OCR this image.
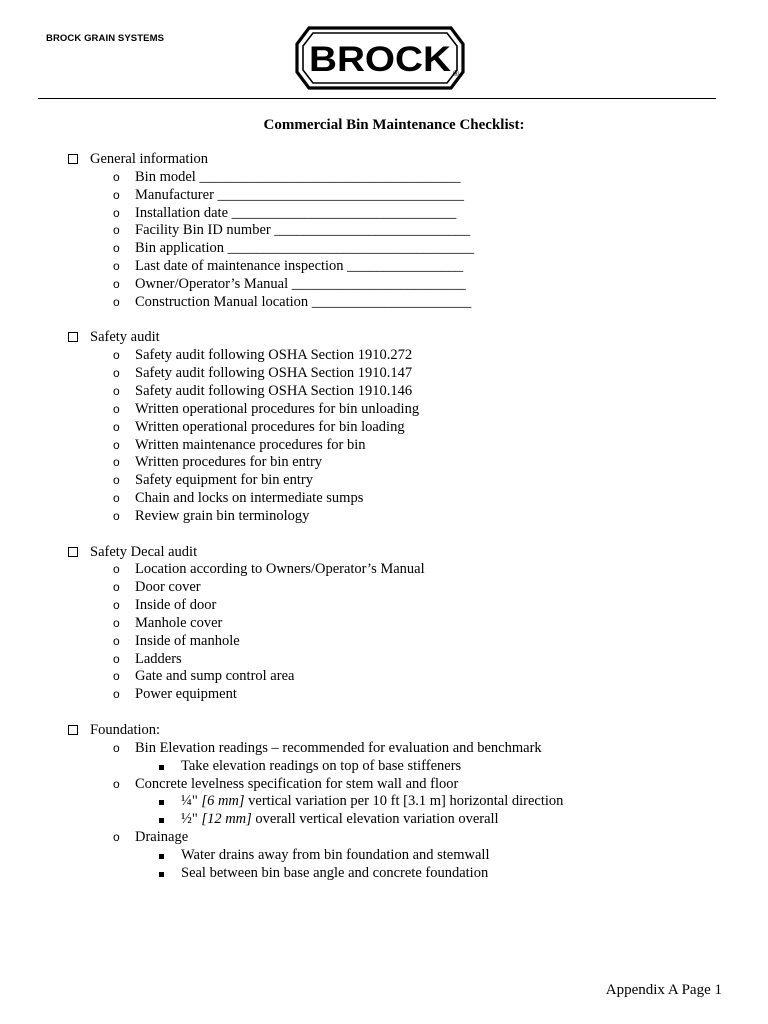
BROCK GRAIN SYSTEMS
BROCK ®
Commercial Bin Maintenance Checklist:
General information
o Bin model ____________________________________
o Manufacturer __________________________________
o Installation date _______________________________
o Facility Bin ID number ___________________________
o Bin application __________________________________
o Last date of maintenance inspection ________________
o Owner/Operator’s Manual ________________________
o Construction Manual location ______________________
Safety audit
o Safety audit following OSHA Section 1910.272
o Safety audit following OSHA Section 1910.147
o Safety audit following OSHA Section 1910.146
o Written operational procedures for bin unloading
o Written operational procedures for bin loading
o Written maintenance procedures for bin
o Written procedures for bin entry
o Safety equipment for bin entry
o Chain and locks on intermediate sumps
o Review grain bin terminology
Safety Decal audit
o Location according to Owners/Operator’s Manual
o Door cover
o Inside of door
o Manhole cover
o Inside of manhole
o Ladders
o Gate and sump control area
o Power equipment
Foundation:
o Bin Elevation readings – recommended for evaluation and benchmark
Take elevation readings on top of base stiffeners
o Concrete levelness specification for stem wall and floor
¼" [6 mm] vertical variation per 10 ft [3.1 m] horizontal direction
½" [12 mm] overall vertical elevation variation overall
o Drainage
Water drains away from bin foundation and stemwall
Seal between bin base angle and concrete foundation
Appendix A Page 1
